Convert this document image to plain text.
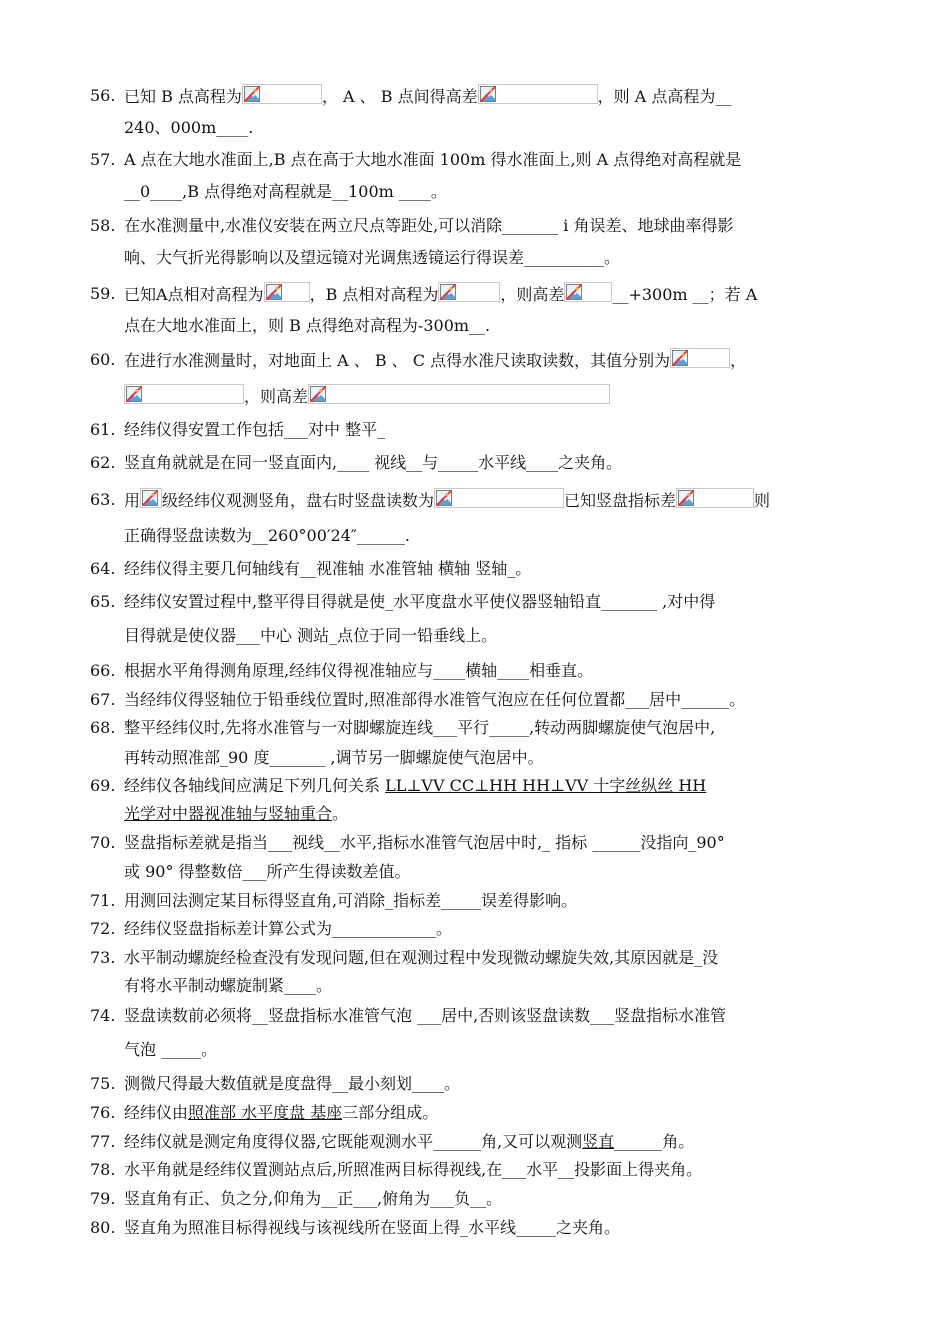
56. 已知 B 点高程为	， A 、 B 点间得高差	，则 A 点高程为__
240、000m____.
57. A 点在大地水准面上,B 点在高于大地水准面 100m 得水准面上,则 A 点得绝对高程就是
__0____,B 点得绝对高程就是__100m ____。
58. 在水准测量中,水准仪安装在两立尺点等距处,可以消除_______ i 角误差、地球曲率得影
响、大气折光得影响以及望远镜对光调焦透镜运行得误差__________。
59. 已知A点相对高程为	，B 点相对高程为	，则高差	__+300m __；若 A
点在大地水准面上，则 B 点得绝对高程为-300m__.
60. 在进行水准测量时，对地面上 A 、 B 、 C 点得水准尺读取读数，其值分别为	，
，则高差
61. 经纬仪得安置工作包括___对中 整平_
62. 竖直角就就是在同一竖直面内,____ 视线__与_____水平线____之夹角。
63. 用 级经纬仪观测竖角，盘右时竖盘读数为	已知竖盘指标差	则
正确得竖盘读数为__260°00′24″______.
64. 经纬仪得主要几何轴线有__视准轴 水准管轴 横轴 竖轴_。
65. 经纬仪安置过程中,整平得目得就是使_水平度盘水平使仪器竖轴铅直_______ ,对中得
目得就是使仪器___中心 测站_点位于同一铅垂线上。
66. 根据水平角得测角原理,经纬仪得视准轴应与____横轴____相垂直。
67. 当经纬仪得竖轴位于铅垂线位置时,照准部得水准管气泡应在任何位置都___居中______。
68. 整平经纬仪时,先将水准管与一对脚螺旋连线___平行_____,转动两脚螺旋使气泡居中,
再转动照准部_90 度_______ ,调节另一脚螺旋使气泡居中。
69. 经纬仪各轴线间应满足下列几何关系 LL⊥VV CC⊥HH HH⊥VV 十字丝纵丝 HH
光学对中器视准轴与竖轴重合。
70. 竖盘指标差就是指当___视线__水平,指标水准管气泡居中时,_ 指标 ______没指向_90°
或 90° 得整数倍___所产生得读数差值。
71. 用测回法测定某目标得竖直角,可消除_指标差_____误差得影响。
72. 经纬仪竖盘指标差计算公式为_____________。
73. 水平制动螺旋经检查没有发现问题,但在观测过程中发现微动螺旋失效,其原因就是_没
有将水平制动螺旋制紧____。
74. 竖盘读数前必须将__竖盘指标水准管气泡 ___居中,否则该竖盘读数___竖盘指标水准管
气泡 _____。
75. 测微尺得最大数值就是度盘得__最小刻划____。
76. 经纬仪由照准部 水平度盘 基座三部分组成。
77. 经纬仪就是测定角度得仪器,它既能观测水平______角,又可以观测竖直______角。
78. 水平角就是经纬仪置测站点后,所照准两目标得视线,在___水平__投影面上得夹角。
79. 竖直角有正、负之分,仰角为__正___,俯角为___负__。
80. 竖直角为照准目标得视线与该视线所在竖面上得_水平线_____之夹角。
